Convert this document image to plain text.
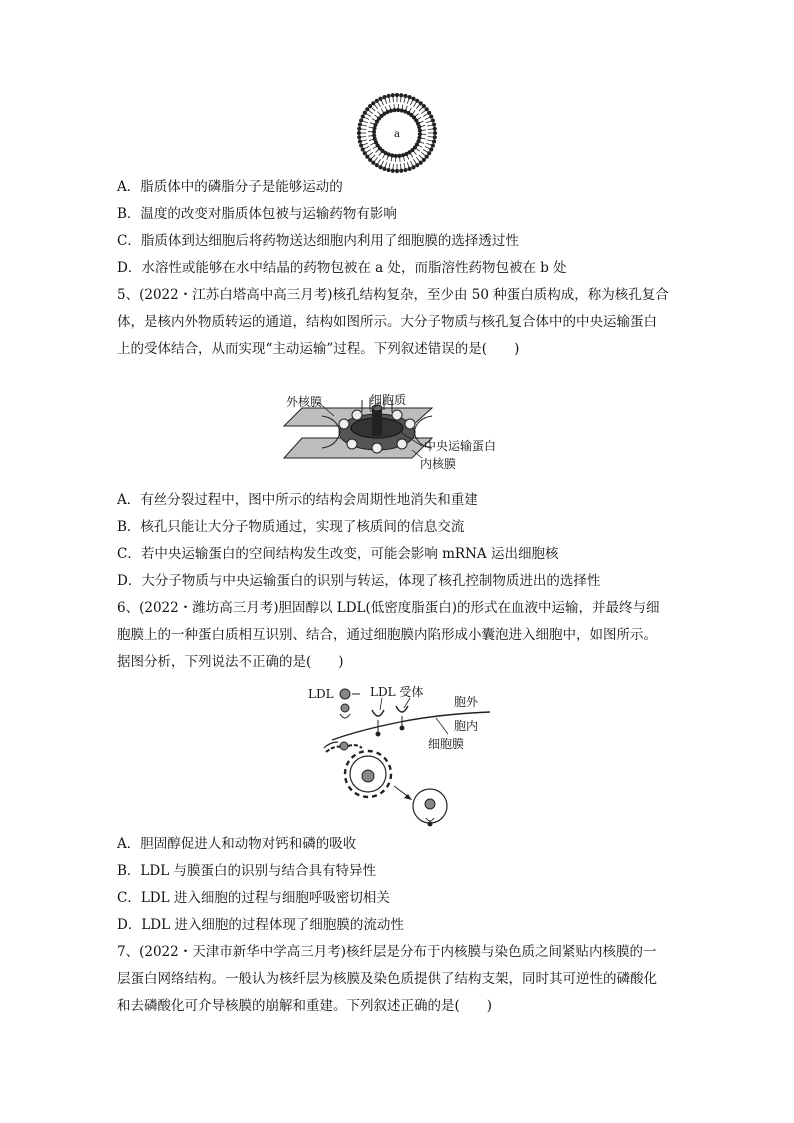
a
A．脂质体中的磷脂分子是能够运动的
B．温度的改变对脂质体包被与运输药物有影响
C．脂质体到达细胞后将药物送达细胞内利用了细胞膜的选择透过性
D．水溶性或能够在水中结晶的药物包被在 a 处，而脂溶性药物包被在 b 处
5、(2022・江苏白塔高中高三月考)核孔结构复杂，至少由 50 种蛋白质构成，称为核孔复合
体，是核内外物质转运的通道，结构如图所示。大分子物质与核孔复合体中的中央运输蛋白
上的受体结合，从而实现“主动运输”过程。下列叙述错误的是(　　)
外核膜	细胞质
中央运输蛋白
内核膜
A．有丝分裂过程中，图中所示的结构会周期性地消失和重建
B．核孔只能让大分子物质通过，实现了核质间的信息交流
C．若中央运输蛋白的空间结构发生改变，可能会影响 mRNA 运出细胞核
D．大分子物质与中央运输蛋白的识别与转运，体现了核孔控制物质进出的选择性
6、(2022・潍坊高三月考)胆固醇以 LDL(低密度脂蛋白)的形式在血液中运输，并最终与细
胞膜上的一种蛋白质相互识别、结合，通过细胞膜内陷形成小囊泡进入细胞中，如图所示。
据图分析，下列说法不正确的是(　　)
LDL	LDL 受体
胞外
胞内
细胞膜
A．胆固醇促进人和动物对钙和磷的吸收
B．LDL 与膜蛋白的识别与结合具有特异性
C．LDL 进入细胞的过程与细胞呼吸密切相关
D．LDL 进入细胞的过程体现了细胞膜的流动性
7、(2022・天津市新华中学高三月考)核纤层是分布于内核膜与染色质之间紧贴内核膜的一
层蛋白网络结构。一般认为核纤层为核膜及染色质提供了结构支架，同时其可逆性的磷酸化
和去磷酸化可介导核膜的崩解和重建。下列叙述正确的是(　　)
